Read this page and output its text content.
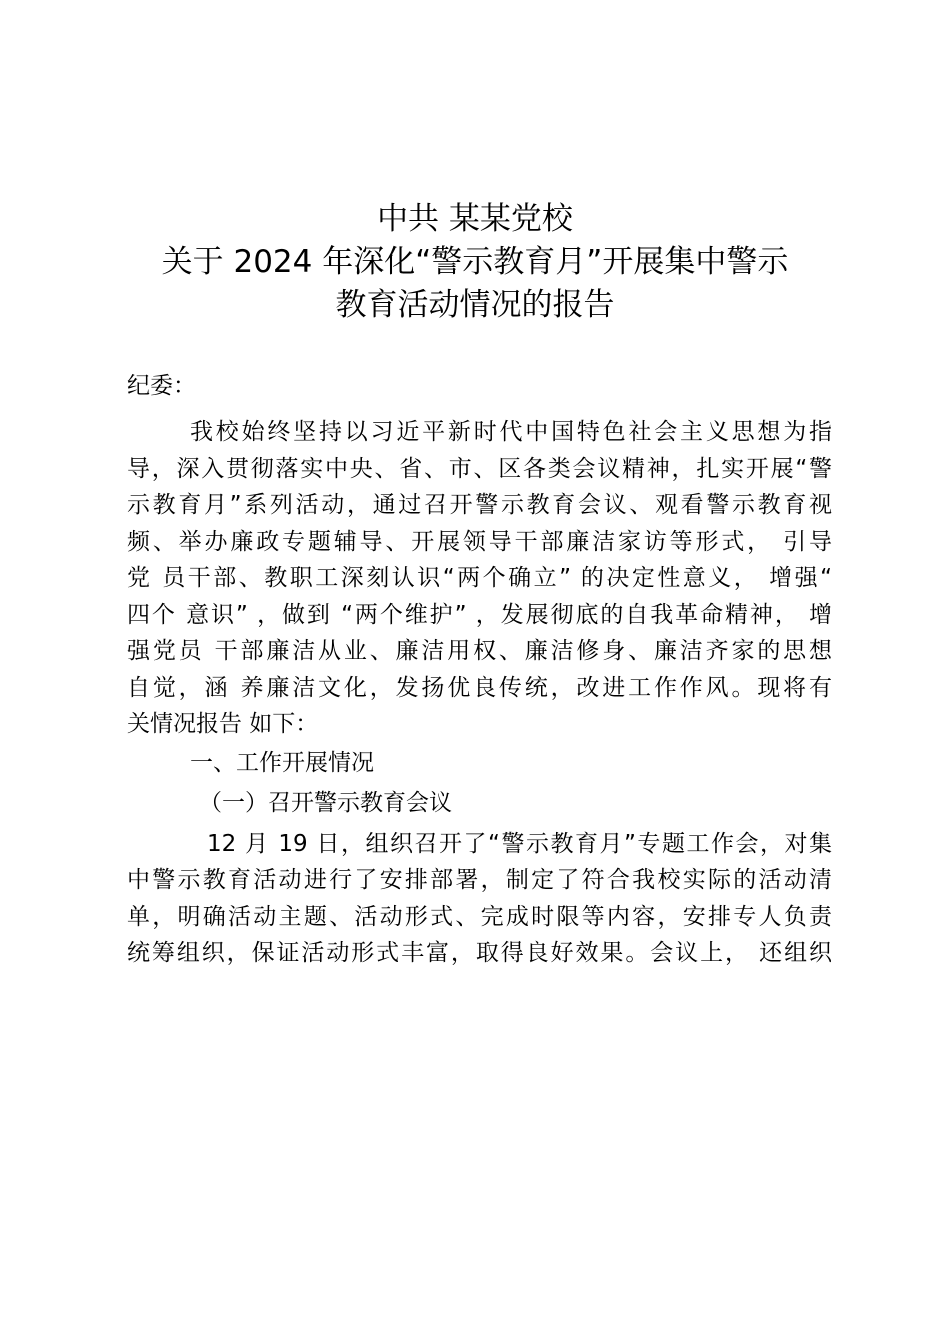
中共 某某党校
关于 2024 年深化“警示教育月”开展集中警示
教育活动情况的报告
纪委：
我校始终坚持以习近平新时代中国特色社会主义思想为指
导，深入贯彻落实中央、省、市、区各类会议精神，扎实开展“警
示教育月”系列活动，通过召开警示教育会议、观看警示教育视
频、举办廉政专题辅导、开展领导干部廉洁家访等形式， 引导
党 员干部、教职工深刻认识“两个确立” 的决定性意义， 增强“
四个 意识” ，做到 “两个维护” ，发展彻底的自我革命精神， 增
强党员 干部廉洁从业、廉洁用权、廉洁修身、廉洁齐家的思想
自觉，涵 养廉洁文化，发扬优良传统，改进工作作风。现将有
关情况报告 如下：
一、工作开展情况
（一）召开警示教育会议
12 月 19 日，组织召开了“警示教育月”专题工作会，对集
中警示教育活动进行了安排部署，制定了符合我校实际的活动清
单，明确活动主题、活动形式、完成时限等内容，安排专人负责
统筹组织，保证活动形式丰富，取得良好效果。会议上， 还组织
